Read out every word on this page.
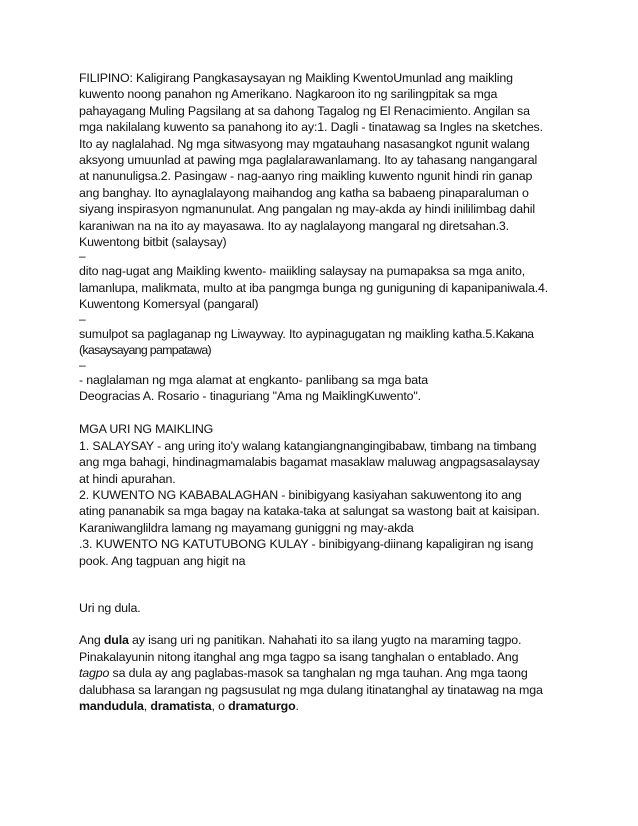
FILIPINO: Kaligirang Pangkasaysayan ng Maikling KwentoUmunlad ang maikling
kuwento noong panahon ng Amerikano. Nagkaroon ito ng sarilingpitak sa mga
pahayagang Muling Pagsilang at sa dahong Tagalog ng El Renacimiento. Angilan sa
mga nakilalang kuwento sa panahong ito ay:1. Dagli - tinatawag sa Ingles na sketches.
Ito ay naglalahad. Ng mga sitwasyong may mgatauhang nasasangkot ngunit walang
aksyong umuunlad at pawing mga paglalarawanlamang. Ito ay tahasang nangangaral
at nanunuligsa.2. Pasingaw - nag-aanyo ring maikling kuwento ngunit hindi rin ganap
ang banghay. Ito aynaglalayong maihandog ang katha sa babaeng pinaparaluman o
siyang inspirasyon ngmanunulat. Ang pangalan ng may-akda ay hindi inililimbag dahil
karaniwan na na ito ay mayasawa. Ito ay naglalayong mangaral ng diretsahan.3.
Kuwentong bitbit (salaysay)

–

dito nag-ugat ang Maikling kwento- maiikling salaysay na pumapaksa sa mga anito,
lamanlupa, malikmata, multo at iba pangmga bunga ng guniguning di kapanipaniwala.4.
Kuwentong Komersyal (pangaral)

–

sumulpot sa paglaganap ng Liwayway. Ito aypinagugatan ng maikling katha.5.Kakana
(kasaysayang pampatawa)

–

- naglalaman ng mga alamat at engkanto- panlibang sa mga bata
Deogracias A. Rosario - tinaguriang "Ama ng MaiklingKuwento".

MGA URI NG MAIKLING

1. SALAYSAY - ang uring ito'y walang katangiangnangingibabaw, timbang na timbang
ang mga bahagi, hindinagmamalabis bagamat masaklaw maluwag angpagsasalaysay
at hindi apurahan.
2. KUWENTO NG KABABALAGHAN - binibigyang kasiyahan sakuwentong ito ang
ating pananabik sa mga bagay na kataka-taka at salungat sa wastong bait at kaisipan.
Karaniwanglildra lamang ng mayamang guniggni ng may-akda
.3. KUWENTO NG KATUTUBONG KULAY - binibigyang-diinang kapaligiran ng isang
pook. Ang tagpuan ang higit na

Uri ng dula.

Ang dula ay isang uri ng panitikan. Nahahati ito sa ilang yugto na maraming tagpo.
Pinakalayunin nitong itanghal ang mga tagpo sa isang tanghalan o entablado. Ang
tagpo sa dula ay ang paglabas-masok sa tanghalan ng mga tauhan. Ang mga taong
dalubhasa sa larangan ng pagsusulat ng mga dulang itinatanghal ay tinatawag na mga
mandudula, dramatista, o dramaturgo.
